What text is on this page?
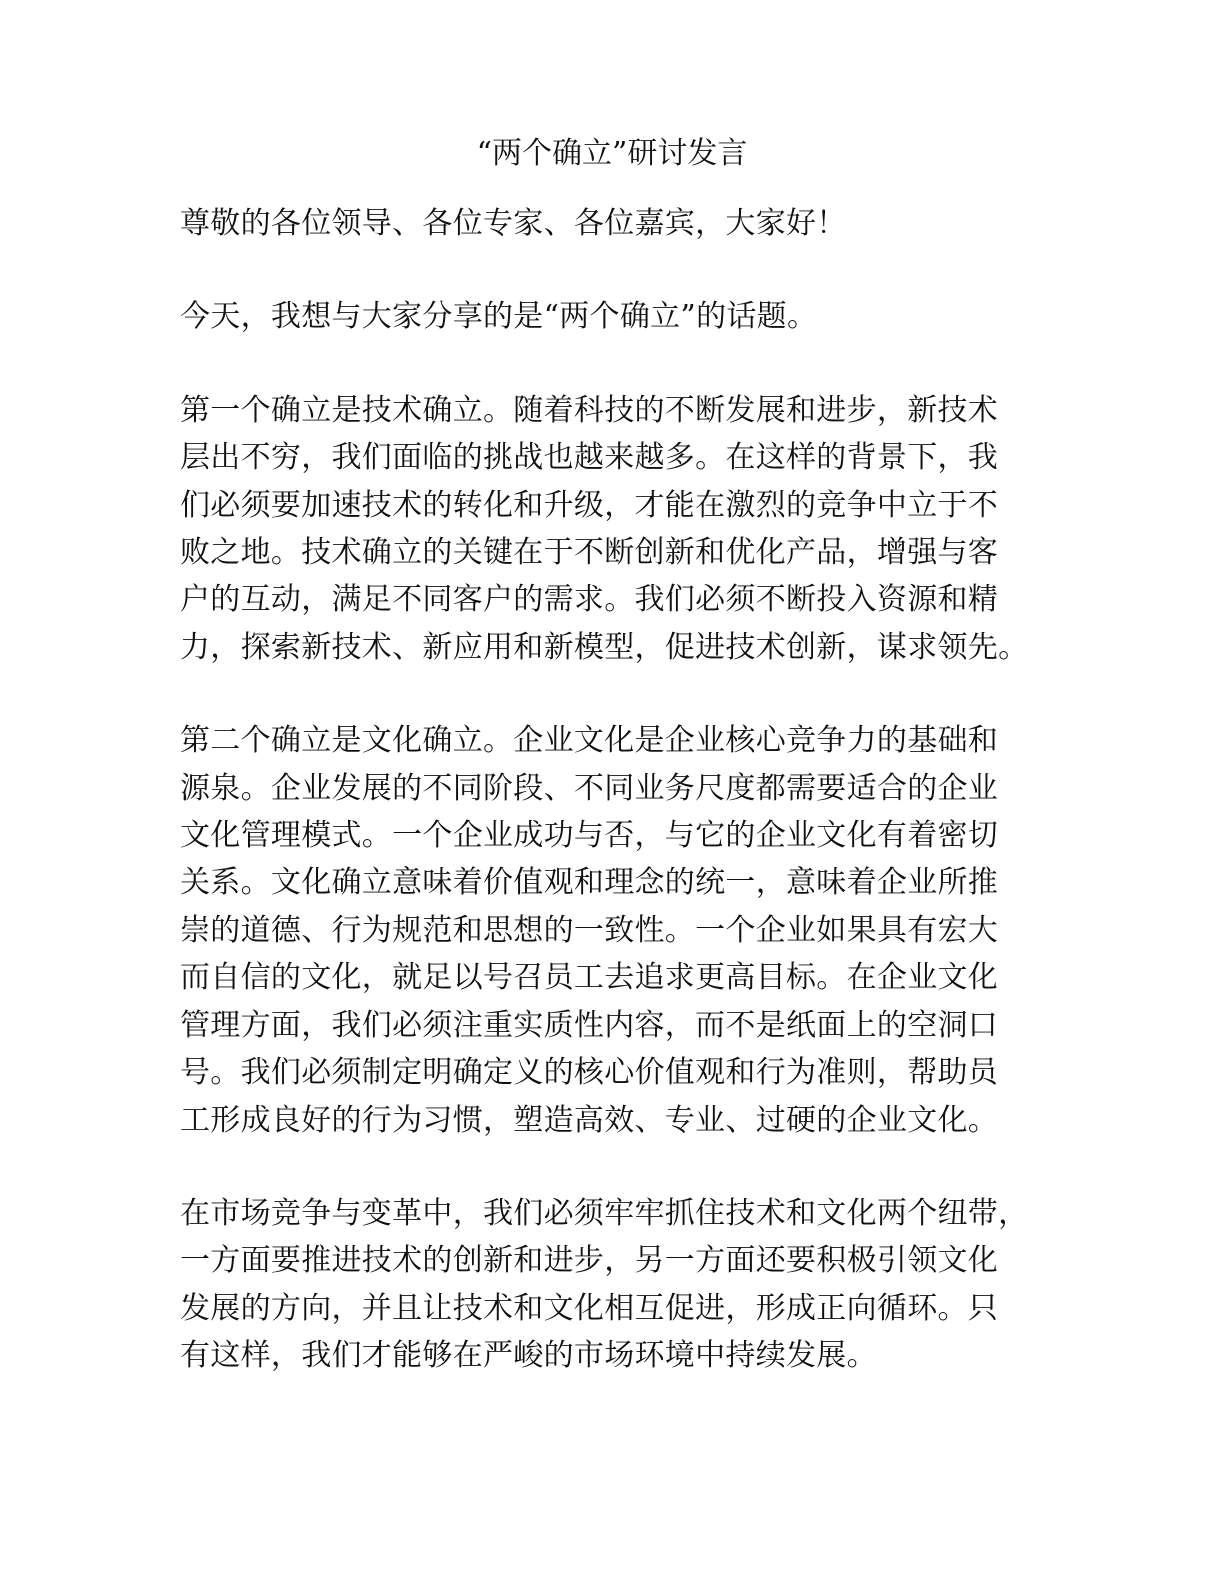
“两个确立”研讨发言

尊敬的各位领导、各位专家、各位嘉宾，大家好！

今天，我想与大家分享的是“两个确立”的话题。

第一个确立是技术确立。随着科技的不断发展和进步，新技术
层出不穷，我们面临的挑战也越来越多。在这样的背景下，我
们必须要加速技术的转化和升级，才能在激烈的竞争中立于不
败之地。技术确立的关键在于不断创新和优化产品，增强与客
户的互动，满足不同客户的需求。我们必须不断投入资源和精
力，探索新技术、新应用和新模型，促进技术创新，谋求领先。

第二个确立是文化确立。企业文化是企业核心竞争力的基础和
源泉。企业发展的不同阶段、不同业务尺度都需要适合的企业
文化管理模式。一个企业成功与否，与它的企业文化有着密切
关系。文化确立意味着价值观和理念的统一，意味着企业所推
崇的道德、行为规范和思想的一致性。一个企业如果具有宏大
而自信的文化，就足以号召员工去追求更高目标。在企业文化
管理方面，我们必须注重实质性内容，而不是纸面上的空洞口
号。我们必须制定明确定义的核心价值观和行为准则，帮助员
工形成良好的行为习惯，塑造高效、专业、过硬的企业文化。

在市场竞争与变革中，我们必须牢牢抓住技术和文化两个纽带，
一方面要推进技术的创新和进步，另一方面还要积极引领文化
发展的方向，并且让技术和文化相互促进，形成正向循环。只
有这样，我们才能够在严峻的市场环境中持续发展。
